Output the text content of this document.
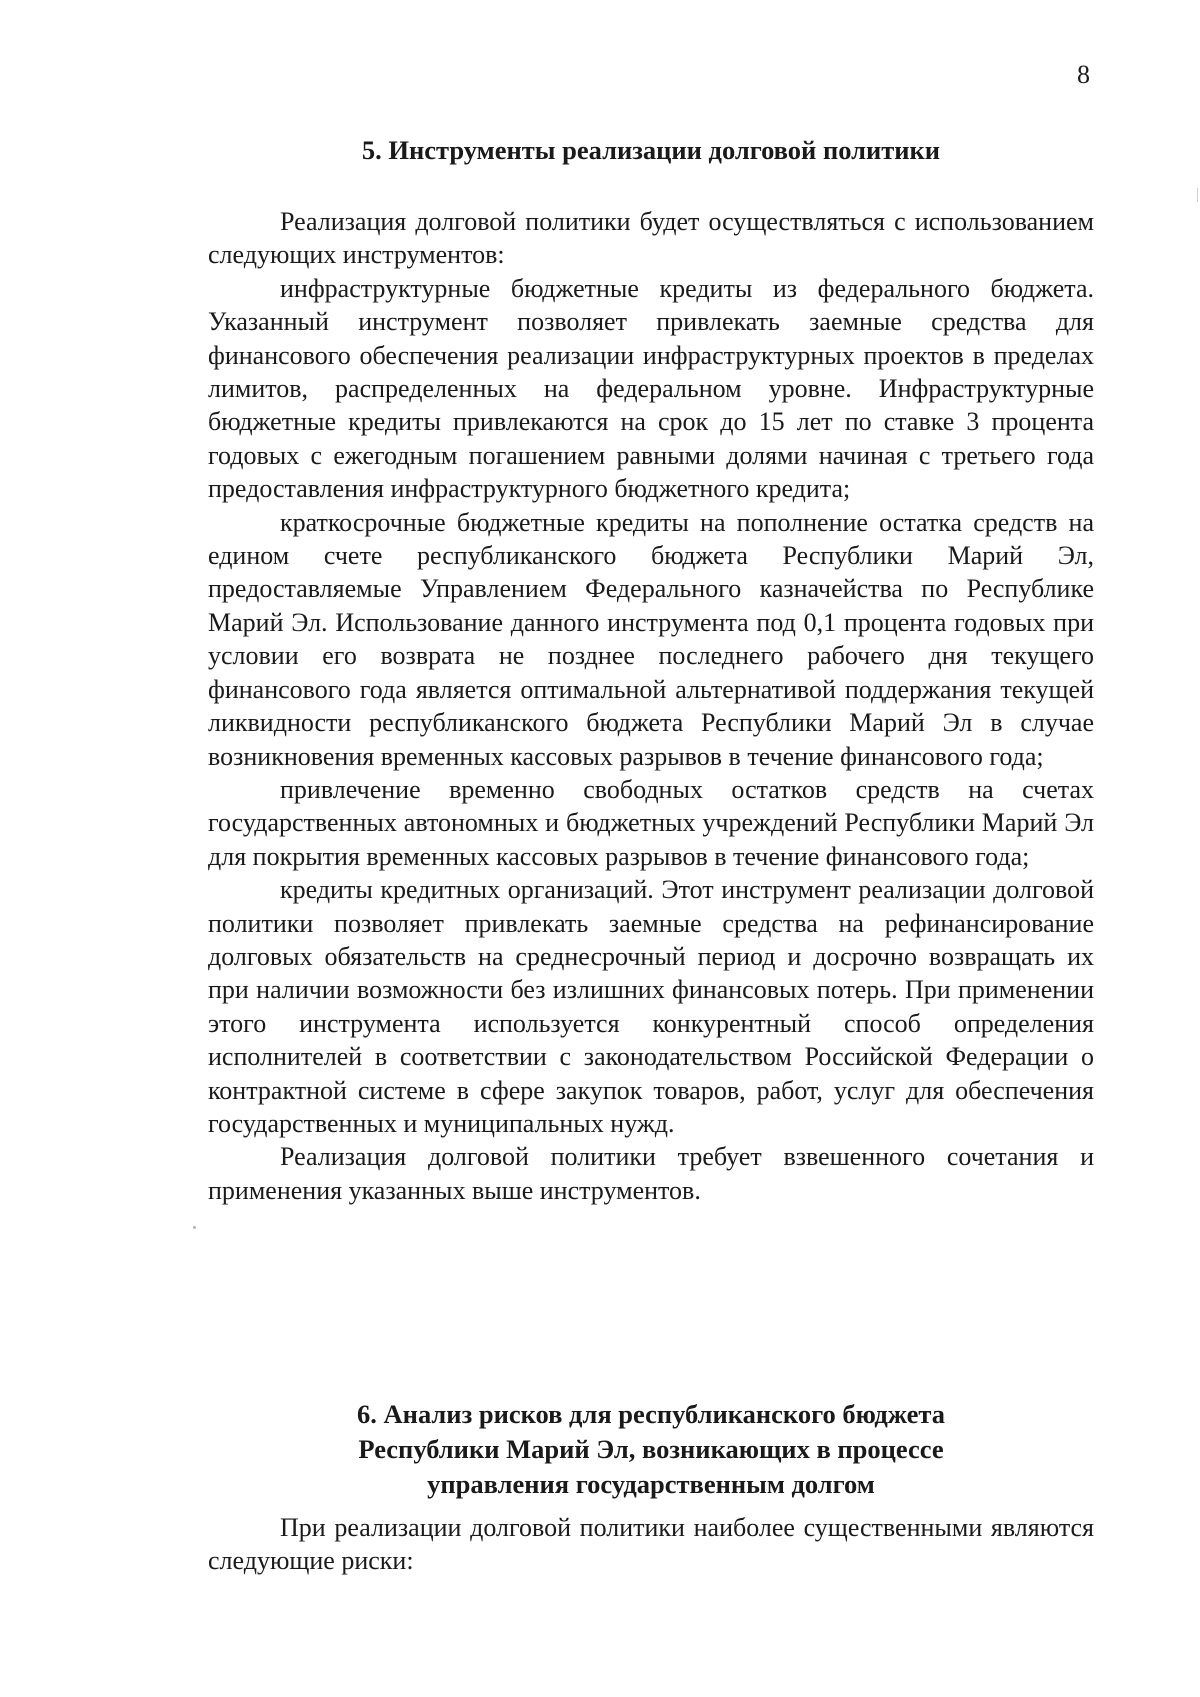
8
5. Инструменты реализации долговой политики

Реализация долговой политики будет осуществляться с использованием следующих инструментов:

инфраструктурные бюджетные кредиты из федерального бюджета. Указанный инструмент позволяет привлекать заемные средства для финансового обеспечения реализации инфраструктурных проектов в пределах лимитов, распределенных на федеральном уровне. Инфраструктурные бюджетные кредиты привлекаются на срок до 15 лет по ставке 3 процента годовых с ежегодным погашением равными долями начиная с третьего года предоставления инфраструктурного бюджетного кредита;

краткосрочные бюджетные кредиты на пополнение остатка средств на едином счете республиканского бюджета Республики Марий Эл, предоставляемые Управлением Федерального казначейства по Республике Марий Эл. Использование данного инструмента под 0,1 процента годовых при условии его возврата не позднее последнего рабочего дня текущего финансового года является оптимальной альтернативой поддержания текущей ликвидности республиканского бюджета Республики Марий Эл в случае возникновения временных кассовых разрывов в течение финансового года;

привлечение временно свободных остатков средств на счетах государственных автономных и бюджетных учреждений Республики Марий Эл для покрытия временных кассовых разрывов в течение финансового года;

кредиты кредитных организаций. Этот инструмент реализации долговой политики позволяет привлекать заемные средства на рефинансирование долговых обязательств на среднесрочный период и досрочно возвращать их при наличии возможности без излишних финансовых потерь. При применении этого инструмента используется конкурентный способ определения исполнителей в соответствии с законодательством Российской Федерации о контрактной системе в сфере закупок товаров, работ, услуг для обеспечения государственных и муниципальных нужд.

Реализация долговой политики требует взвешенного сочетания и применения указанных выше инструментов.

6. Анализ рисков для республиканского бюджета
Республики Марий Эл, возникающих в процессе
управления государственным долгом

При реализации долговой политики наиболее существенными являются следующие риски:
